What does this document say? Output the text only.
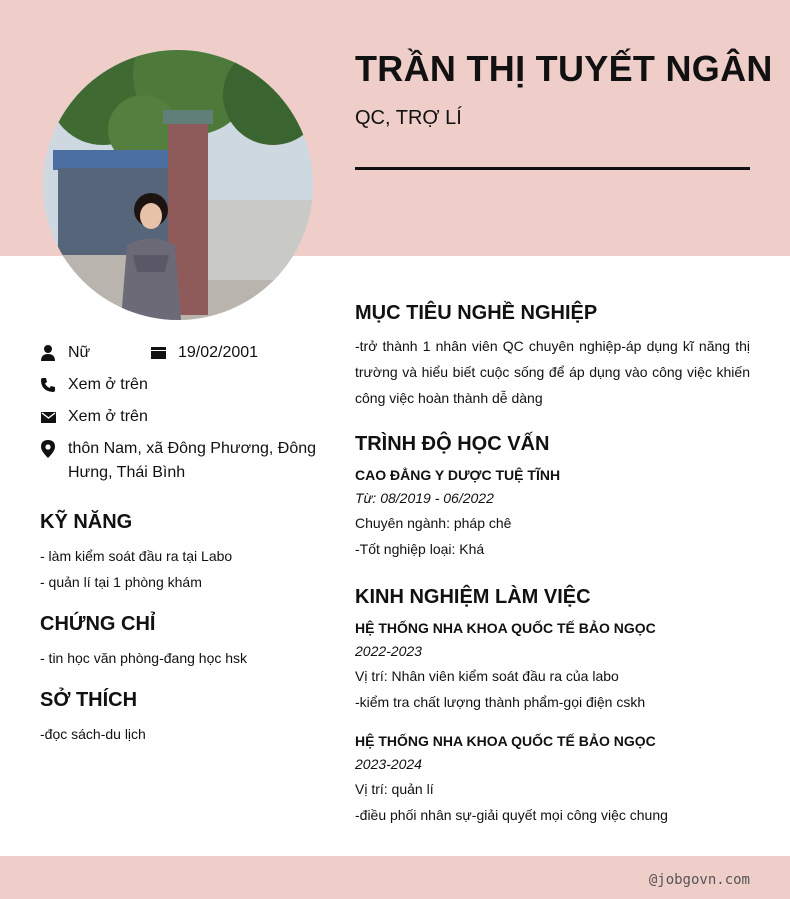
TRẦN THỊ TUYẾT NGÂN
QC, TRỢ LÍ
Nữ	19/02/2001
Xem ở trên
Xem ở trên
thôn Nam, xã Đông Phương, Đông
Hưng, Thái Bình
KỸ NĂNG
- làm kiểm soát đầu ra tại Labo
- quản lí tại 1 phòng khám
CHỨNG CHỈ
- tin học văn phòng-đang học hsk
SỞ THÍCH
-đọc sách-du lịch
MỤC TIÊU NGHỀ NGHIỆP
-trở thành 1 nhân viên QC chuyên nghiệp-áp dụng kĩ năng thị
trường và hiểu biết cuộc sống để áp dụng vào công việc khiến
công việc hoàn thành dễ dàng
TRÌNH ĐỘ HỌC VẤN
CAO ĐẲNG Y DƯỢC TUỆ TĨNH
Từ: 08/2019 - 06/2022
Chuyên ngành: pháp chê
-Tốt nghiệp loại: Khá
KINH NGHIỆM LÀM VIỆC
HỆ THỐNG NHA KHOA QUỐC TẾ BẢO NGỌC
2022-2023
Vị trí: Nhân viên kiểm soát đầu ra của labo
-kiểm tra chất lượng thành phẩm-gọi điện cskh
HỆ THỐNG NHA KHOA QUỐC TẾ BẢO NGỌC
2023-2024
Vị trí: quản lí
-điều phối nhân sự-giải quyết mọi công việc chung
@jobgovn.com
